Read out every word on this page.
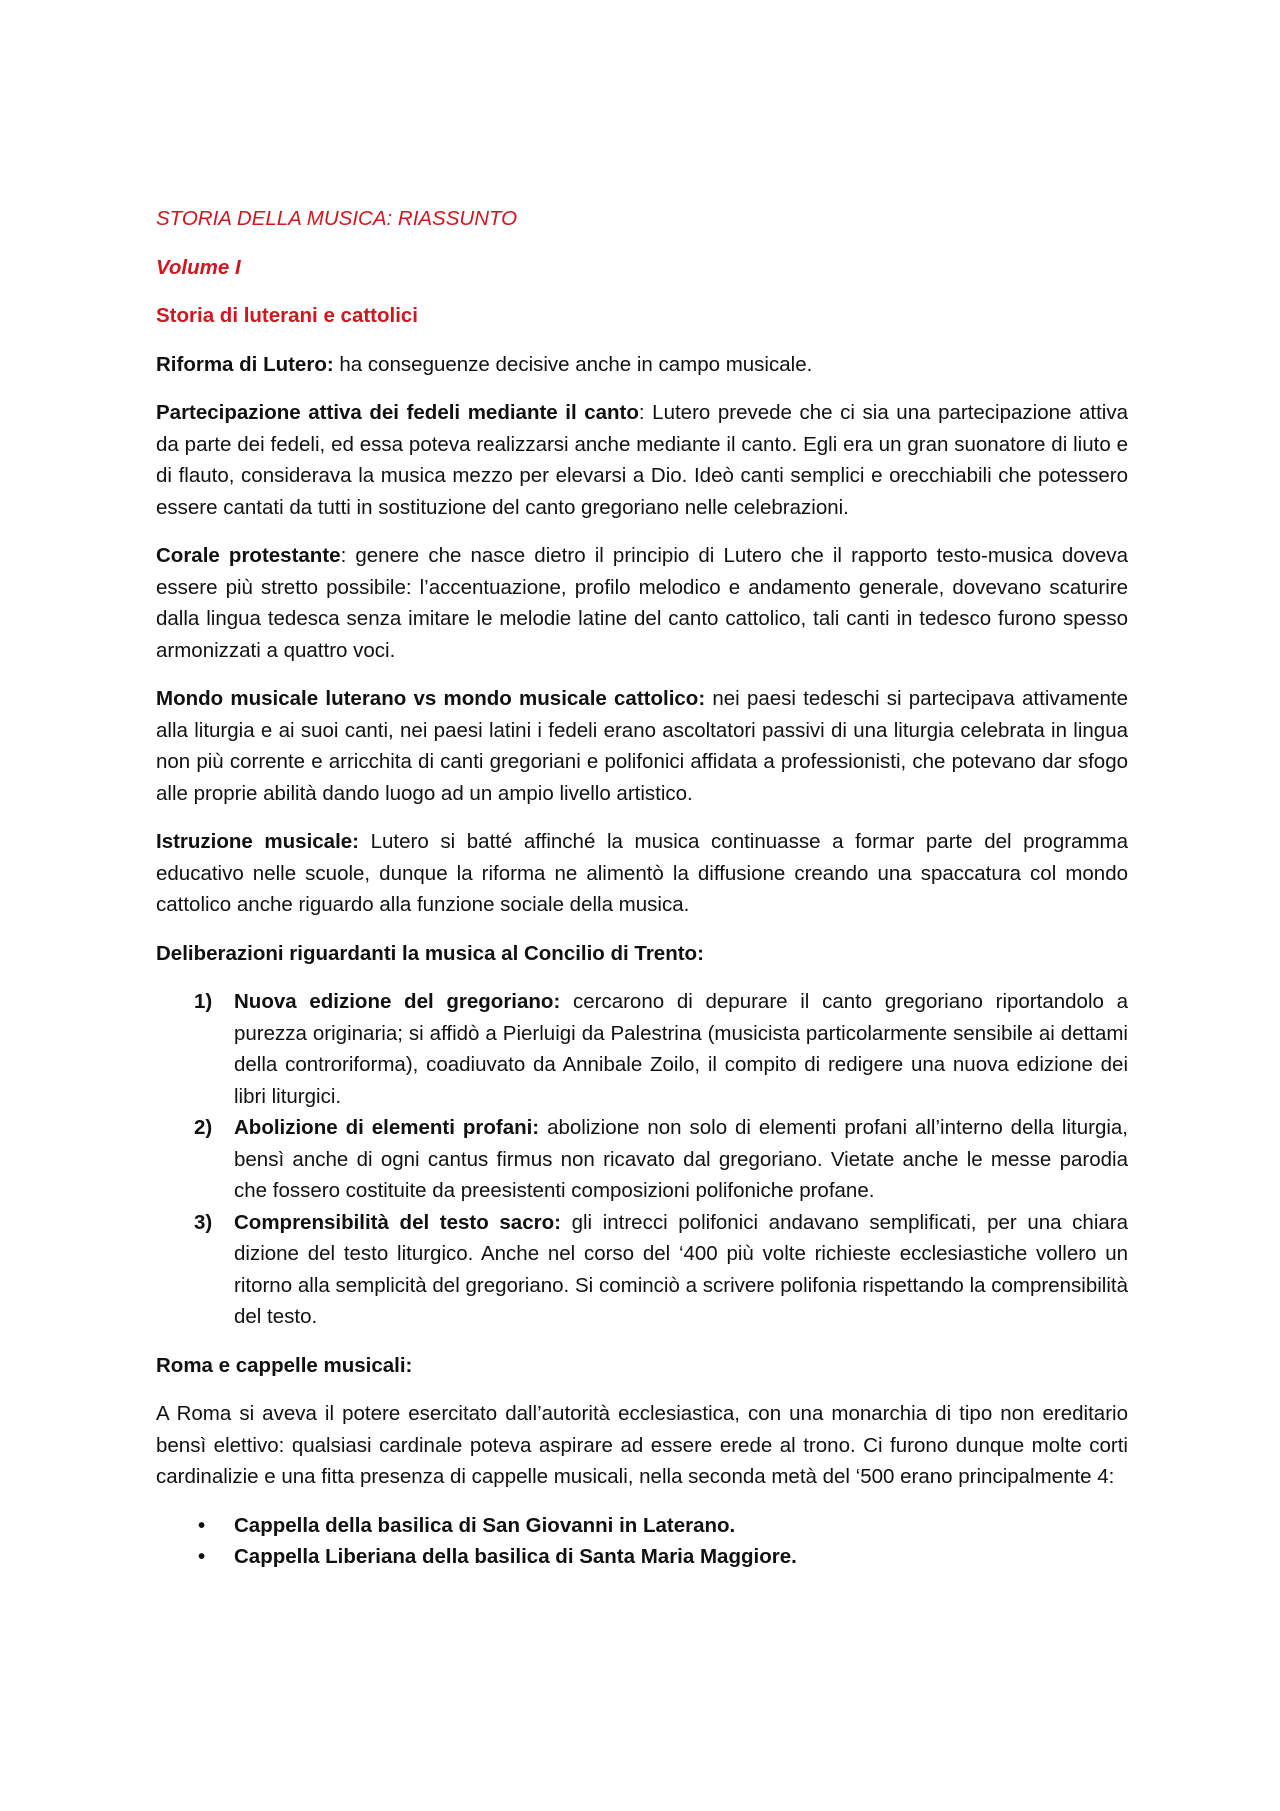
STORIA DELLA MUSICA: RIASSUNTO
Volume I
Storia di luterani e cattolici

Riforma di Lutero: ha conseguenze decisive anche in campo musicale.

Partecipazione attiva dei fedeli mediante il canto: Lutero prevede che ci sia una partecipazione attiva da parte dei fedeli, ed essa poteva realizzarsi anche mediante il canto. Egli era un gran suonatore di liuto e di flauto, considerava la musica mezzo per elevarsi a Dio. Ideò canti semplici e orecchiabili che potessero essere cantati da tutti in sostituzione del canto gregoriano nelle celebrazioni.

Corale protestante: genere che nasce dietro il principio di Lutero che il rapporto testo-musica doveva essere più stretto possibile: l’accentuazione, profilo melodico e andamento generale, dovevano scaturire dalla lingua tedesca senza imitare le melodie latine del canto cattolico, tali canti in tedesco furono spesso armonizzati a quattro voci.

Mondo musicale luterano vs mondo musicale cattolico: nei paesi tedeschi si partecipava attivamente alla liturgia e ai suoi canti, nei paesi latini i fedeli erano ascoltatori passivi di una liturgia celebrata in lingua non più corrente e arricchita di canti gregoriani e polifonici affidata a professionisti, che potevano dar sfogo alle proprie abilità dando luogo ad un ampio livello artistico.

Istruzione musicale: Lutero si batté affinché la musica continuasse a formar parte del programma educativo nelle scuole, dunque la riforma ne alimentò la diffusione creando una spaccatura col mondo cattolico anche riguardo alla funzione sociale della musica.

Deliberazioni riguardanti la musica al Concilio di Trento:

1) Nuova edizione del gregoriano: cercarono di depurare il canto gregoriano riportandolo a purezza originaria; si affidò a Pierluigi da Palestrina (musicista particolarmente sensibile ai dettami della controriforma), coadiuvato da Annibale Zoilo, il compito di redigere una nuova edizione dei libri liturgici.
2) Abolizione di elementi profani: abolizione non solo di elementi profani all’interno della liturgia, bensì anche di ogni cantus firmus non ricavato dal gregoriano. Vietate anche le messe parodia che fossero costituite da preesistenti composizioni polifoniche profane.
3) Comprensibilità del testo sacro: gli intrecci polifonici andavano semplificati, per una chiara dizione del testo liturgico. Anche nel corso del ‘400 più volte richieste ecclesiastiche vollero un ritorno alla semplicità del gregoriano. Si cominciò a scrivere polifonia rispettando la comprensibilità del testo.

Roma e cappelle musicali:

A Roma si aveva il potere esercitato dall’autorità ecclesiastica, con una monarchia di tipo non ereditario bensì elettivo: qualsiasi cardinale poteva aspirare ad essere erede al trono. Ci furono dunque molte corti cardinalizie e una fitta presenza di cappelle musicali, nella seconda metà del ‘500 erano principalmente 4:

• Cappella della basilica di San Giovanni in Laterano.
• Cappella Liberiana della basilica di Santa Maria Maggiore.
